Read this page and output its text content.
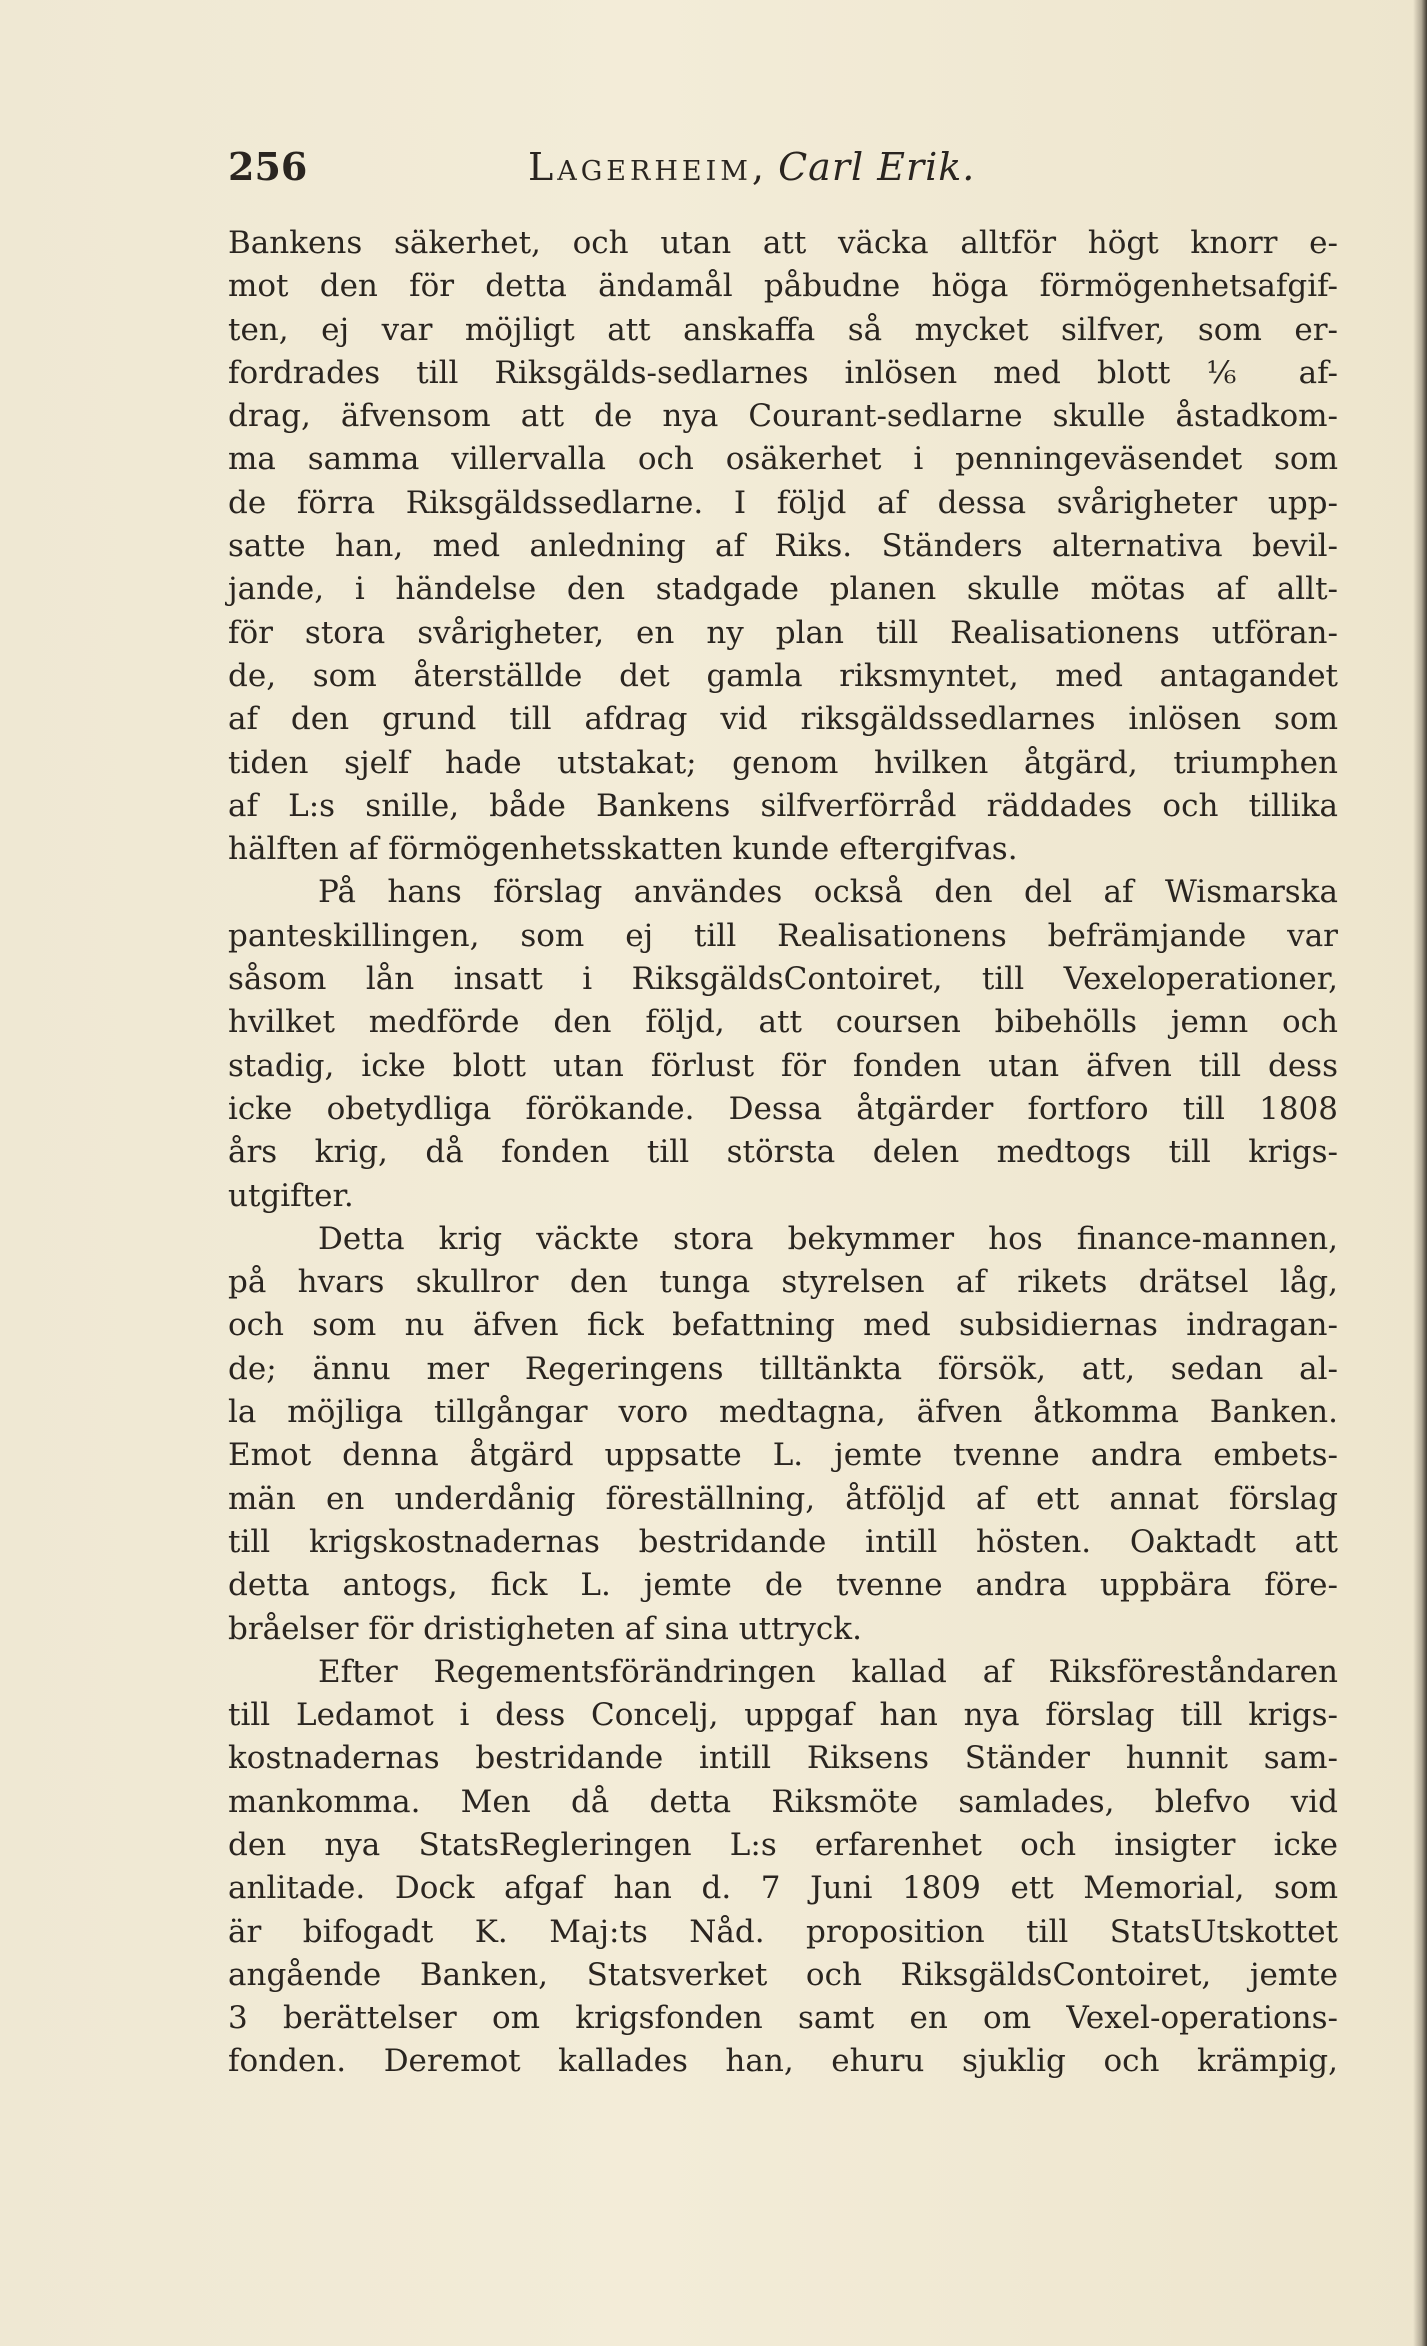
256	Lagerheim, Carl Erik.
Bankens säkerhet, och utan att väcka alltför högt knorr e-
mot den för detta ändamål påbudne höga förmögenhetsafgif-
ten, ej var möjligt att anskaffa så mycket silfver, som er-
fordrades till Riksgälds-sedlarnes inlösen med blott ⅙ af-
drag, äfvensom att de nya Courant-sedlarne skulle åstadkom-
ma samma villervalla och osäkerhet i penningeväsendet som
de förra Riksgäldssedlarne. I följd af dessa svårigheter upp-
satte han, med anledning af Riks. Ständers alternativa bevil-
jande, i händelse den stadgade planen skulle mötas af allt-
för stora svårigheter, en ny plan till Realisationens utföran-
de, som återställde det gamla riksmyntet, med antagandet
af den grund till afdrag vid riksgäldssedlarnes inlösen som
tiden sjelf hade utstakat; genom hvilken åtgärd, triumphen
af L:s snille, både Bankens silfverförråd räddades och tillika
hälften af förmögenhetsskatten kunde eftergifvas.
På hans förslag användes också den del af Wismarska
panteskillingen, som ej till Realisationens befrämjande var
såsom lån insatt i RiksgäldsContoiret, till Vexeloperationer,
hvilket medförde den följd, att coursen bibehölls jemn och
stadig, icke blott utan förlust för fonden utan äfven till dess
icke obetydliga förökande. Dessa åtgärder fortforo till 1808
års krig, då fonden till största delen medtogs till krigs-
utgifter.
Detta krig väckte stora bekymmer hos finance-mannen,
på hvars skullror den tunga styrelsen af rikets drätsel låg,
och som nu äfven fick befattning med subsidiernas indragan-
de; ännu mer Regeringens tilltänkta försök, att, sedan al-
la möjliga tillgångar voro medtagna, äfven åtkomma Banken.
Emot denna åtgärd uppsatte L. jemte tvenne andra embets-
män en underdånig föreställning, åtföljd af ett annat förslag
till krigskostnadernas bestridande intill hösten. Oaktadt att
detta antogs, fick L. jemte de tvenne andra uppbära före-
bråelser för dristigheten af sina uttryck.
Efter Regementsförändringen kallad af Riksföreståndaren
till Ledamot i dess Concelj, uppgaf han nya förslag till krigs-
kostnadernas bestridande intill Riksens Ständer hunnit sam-
mankomma. Men då detta Riksmöte samlades, blefvo vid
den nya StatsRegleringen L:s erfarenhet och insigter icke
anlitade. Dock afgaf han d. 7 Juni 1809 ett Memorial, som
är bifogadt K. Maj:ts Nåd. proposition till StatsUtskottet
angående Banken, Statsverket och RiksgäldsContoiret, jemte
3 berättelser om krigsfonden samt en om Vexel-operations-
fonden. Deremot kallades han, ehuru sjuklig och krämpig,
